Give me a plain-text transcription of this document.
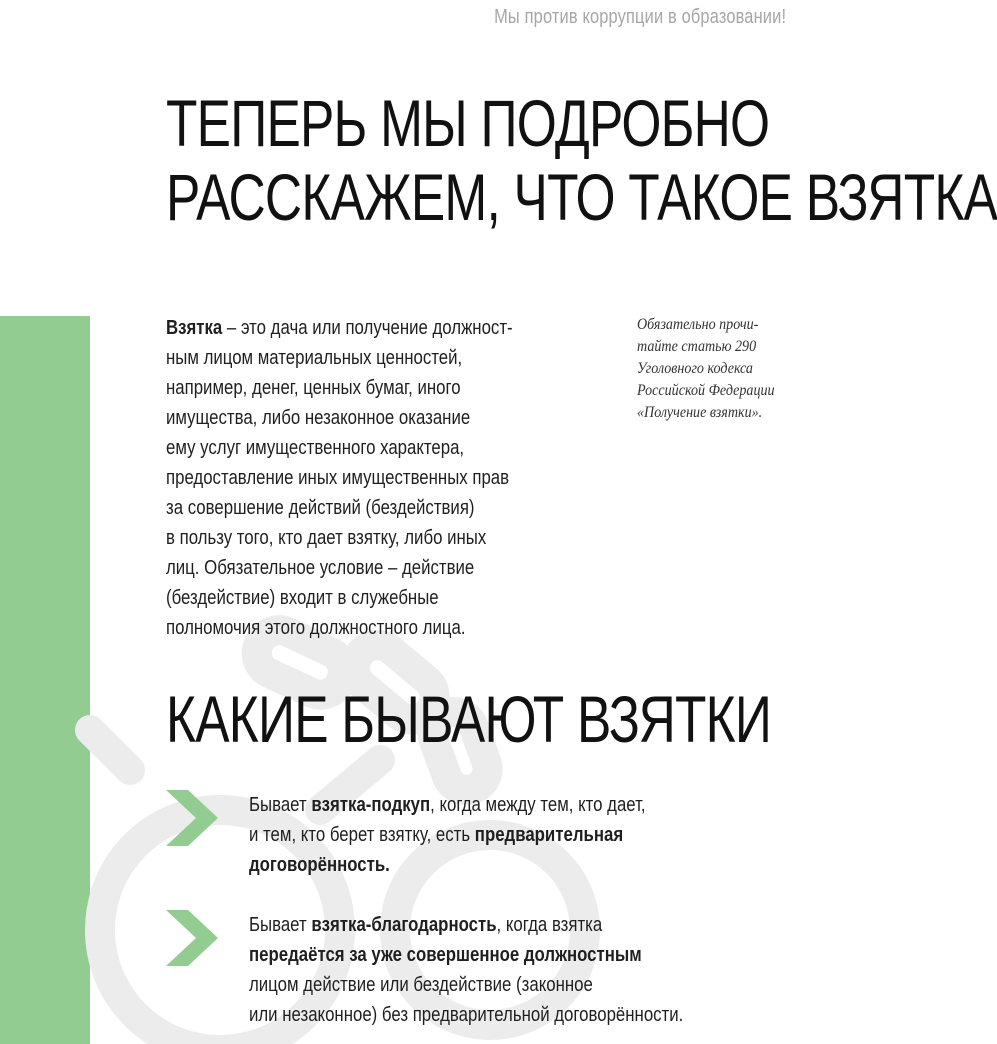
Мы против коррупции в образовании!
ТЕПЕРЬ МЫ ПОДРОБНО
РАССКАЖЕМ, ЧТО ТАКОЕ ВЗЯТКА

Взятка – это дача или получение должност-

ным лицом материальных ценностей,

например, денег, ценных бумаг, иного

имущества, либо незаконное оказание

ему услуг имущественного характера,

предоставление иных имущественных прав

за совершение действий (бездействия)

в пользу того, кто дает взятку, либо иных

лиц. Обязательное условие – действие

(бездействие) входит в служебные

полномочия этого должностного лица.

Обязательно прочи-
тайте статью 290
Уголовного кодекса
Российской Федерации
«Получение взятки».
КАКИЕ БЫВАЮТ ВЗЯТКИ
Бывает взятка-подкуп, когда между тем, кто дает,
и тем, кто берет взятку, есть предварительная
договорённость.
Бывает взятка-благодарность, когда взятка
передаётся за уже совершенное должностным
лицом действие или бездействие (законное
или незаконное) без предварительной договорённости.
